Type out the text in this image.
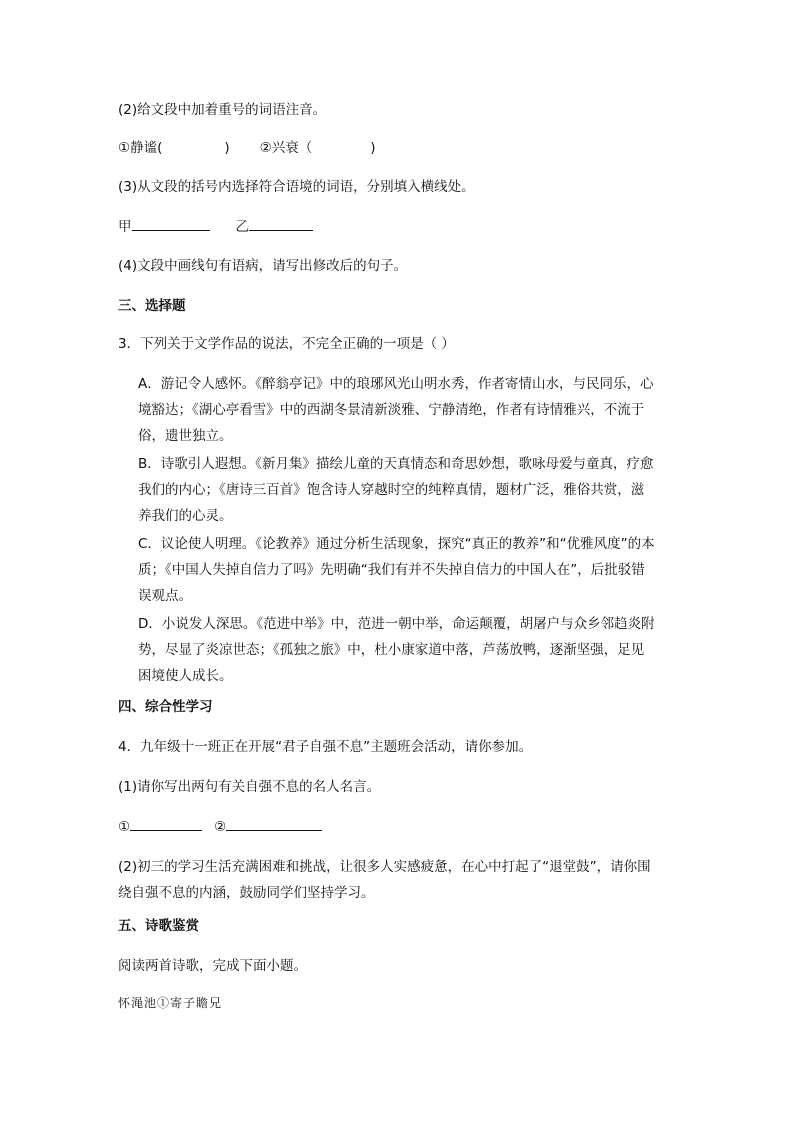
(2)给文段中加着重号的词语注音。
①静谧(	) ②兴衰（	)
(3)从文段的括号内选择符合语境的词语，分别填入横线处。
甲	乙
(4)文段中画线句有语病，请写出修改后的句子。
三、选择题
3．下列关于文学作品的说法，不完全正确的一项是（ ）
A．游记令人感怀。《醉翁亭记》中的琅琊风光山明水秀，作者寄情山水，与民同乐，心
境豁达；《湖心亭看雪》中的西湖冬景清新淡雅、宁静清绝，作者有诗情雅兴，不流于
俗，遗世独立。
B．诗歌引人遐想。《新月集》描绘儿童的天真情态和奇思妙想，歌咏母爱与童真，疗愈
我们的内心；《唐诗三百首》饱含诗人穿越时空的纯粹真情，题材广泛，雅俗共赏，滋
养我们的心灵。
C．议论使人明理。《论教养》通过分析生活现象，探究“真正的教养”和“优雅风度”的本
质；《中国人失掉自信力了吗》先明确“我们有并不失掉自信力的中国人在”，后批驳错
误观点。
D．小说发人深思。《范进中举》中，范进一朝中举，命运颠覆，胡屠户与众乡邻趋炎附
势，尽显了炎凉世态；《孤独之旅》中，杜小康家道中落，芦荡放鸭，逐渐坚强，足见
困境使人成长。
四、综合性学习
4．九年级十一班正在开展“君子自强不息”主题班会活动，请你参加。
(1)请你写出两句有关自强不息的名人名言。
①	②
(2)初三的学习生活充满困难和挑战，让很多人实感疲惫，在心中打起了“退堂鼓”，请你围
绕自强不息的内涵，鼓励同学们坚持学习。
五、诗歌鉴赏
阅读两首诗歌，完成下面小题。
怀渑池①寄子瞻兄
